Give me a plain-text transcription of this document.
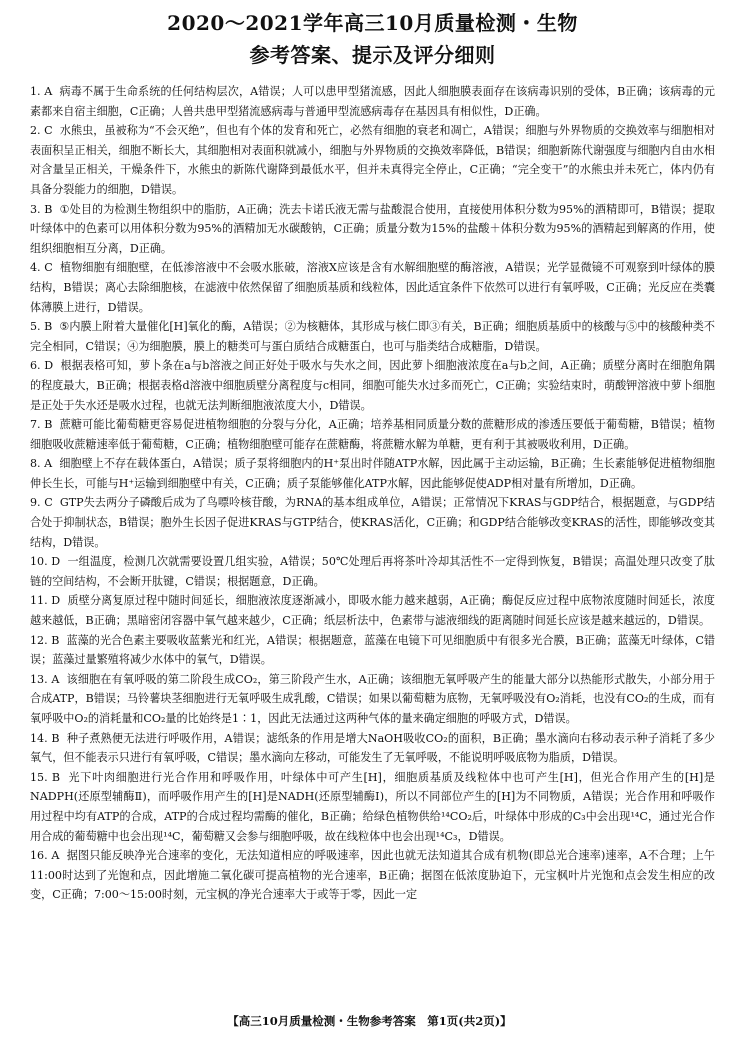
2020～2021学年高三10月质量检测・生物
参考答案、提示及评分细则

1. A 病毒不属于生命系统的任何结构层次，A错误；人可以患甲型猪流感，因此人细胞膜表面存在该病毒识别的受体，B正确；该病毒的元素都来自宿主细胞，C正确；人兽共患甲型猪流感病毒与普通甲型流感病毒存在基因具有相似性，D正确。

2. C 水熊虫，虽被称为“不会灭绝”，但也有个体的发育和死亡，必然有细胞的衰老和凋亡，A错误；细胞与外界物质的交换效率与细胞相对表面积呈正相关，细胞不断长大，其细胞相对表面积就减小，细胞与外界物质的交换效率降低，B错误；细胞新陈代谢强度与细胞内自由水相对含量呈正相关，干燥条件下，水熊虫的新陈代谢降到最低水平，但并未真得完全停止，C正确；“完全变干”的水熊虫并未死亡，体内仍有具备分裂能力的细胞，D错误。

3. B ①处目的为检测生物组织中的脂肪，A正确；洗去卡诺氏液无需与盐酸混合使用，直接使用体积分数为95%的酒精即可，B错误；提取叶绿体中的色素可以用体积分数为95%的酒精加无水碳酸钠，C正确；质量分数为15%的盐酸＋体积分数为95%的酒精起到解离的作用，使组织细胞相互分离，D正确。

4. C 植物细胞有细胞壁，在低渗溶液中不会吸水胀破，溶液X应该是含有水解细胞壁的酶溶液，A错误；光学显微镜不可观察到叶绿体的膜结构，B错误；离心去除细胞核，在滤液中依然保留了细胞质基质和线粒体，因此适宜条件下依然可以进行有氧呼吸，C正确；光反应在类囊体薄膜上进行，D错误。

5. B ⑤内膜上附着大量催化[H]氧化的酶，A错误；②为核糖体，其形成与核仁即③有关，B正确；细胞质基质中的核酸与⑤中的核酸种类不完全相同，C错误；④为细胞膜，膜上的糖类可与蛋白质结合成糖蛋白，也可与脂类结合成糖脂，D错误。

6. D 根据表格可知，萝卜条在a与b溶液之间正好处于吸水与失水之间，因此萝卜细胞液浓度在a与b之间，A正确；质壁分离时在细胞角隅的程度最大，B正确；根据表格d溶液中细胞质壁分离程度与c相同，细胞可能失水过多而死亡，C正确；实验结束时，萌酸钾溶液中萝卜细胞是正处于失水还是吸水过程，也就无法判断细胞液浓度大小，D错误。

7. B 蔗糖可能比葡萄糖更容易促进植物细胞的分裂与分化，A正确；培养基相同质量分数的蔗糖形成的渗透压要低于葡萄糖，B错误；植物细胞吸收蔗糖速率低于葡萄糖，C正确；植物细胞壁可能存在蔗糖酶，将蔗糖水解为单糖，更有利于其被吸收利用，D正确。

8. A 细胞壁上不存在载体蛋白，A错误；质子泵将细胞内的H⁺泵出时伴随ATP水解，因此属于主动运输，B正确；生长素能够促进植物细胞伸长生长，可能与H⁺运输到细胞壁中有关，C正确；质子泵能够催化ATP水解，因此能够促使ADP相对量有所增加，D正确。

9. C GTP失去两分子磷酸后成为了鸟嘌呤核苷酸，为RNA的基本组成单位，A错误；正常情况下KRAS与GDP结合，根据题意，与GDP结合处于抑制状态，B错误；胞外生长因子促进KRAS与GTP结合，使KRAS活化，C正确；和GDP结合能够改变KRAS的活性，即能够改变其结构，D错误。

10. D 一组温度，检测几次就需要设置几组实验，A错误；50℃处理后再将茶叶冷却其活性不一定得到恢复，B错误；高温处理只改变了肽链的空间结构，不会断开肽键，C错误；根据题意，D正确。

11. D 质壁分离复原过程中随时间延长，细胞液浓度逐渐减小，即吸水能力越来越弱，A正确；酶促反应过程中底物浓度随时间延长，浓度越来越低，B正确；黑暗密闭容器中氧气越来越少，C正确；纸层析法中，色素带与滤液细线的距离随时间延长应该是越来越远的，D错误。

12. B 蓝藻的光合色素主要吸收蓝紫光和红光，A错误；根据题意，蓝藻在电镜下可见细胞质中有很多光合膜，B正确；蓝藻无叶绿体，C错误；蓝藻过量繁殖将减少水体中的氧气，D错误。

13. A 该细胞在有氧呼吸的第二阶段生成CO₂，第三阶段产生水，A正确；该细胞无氧呼吸产生的能量大部分以热能形式散失，小部分用于合成ATP，B错误；马铃薯块茎细胞进行无氧呼吸生成乳酸，C错误；如果以葡萄糖为底物，无氧呼吸没有O₂消耗，也没有CO₂的生成，而有氧呼吸中O₂的消耗量和CO₂量的比始终是1∶1，因此无法通过这两种气体的量来确定细胞的呼吸方式，D错误。

14. B 种子煮熟便无法进行呼吸作用，A错误；滤纸条的作用是增大NaOH吸收CO₂的面积，B正确；墨水滴向右移动表示种子消耗了多少氧气，但不能表示只进行有氧呼吸，C错误；墨水滴向左移动，可能发生了无氧呼吸，不能说明呼吸底物为脂质，D错误。

15. B 光下叶肉细胞进行光合作用和呼吸作用，叶绿体中可产生[H]，细胞质基质及线粒体中也可产生[H]，但光合作用产生的[H]是NADPH(还原型辅酶Ⅱ)，而呼吸作用产生的[H]是NADH(还原型辅酶Ⅰ)，所以不同部位产生的[H]为不同物质，A错误；光合作用和呼吸作用过程中均有ATP的合成，ATP的合成过程均需酶的催化，B正确；给绿色植物供给¹⁴CO₂后，叶绿体中形成的C₃中会出现¹⁴C，通过光合作用合成的葡萄糖中也会出现¹⁴C，葡萄糖又会参与细胞呼吸，故在线粒体中也会出现¹⁴C₃，D错误。

16. A 据图只能反映净光合速率的变化，无法知道相应的呼吸速率，因此也就无法知道其合成有机物(即总光合速率)速率，A不合理；上午11:00时达到了光饱和点，因此增施二氧化碳可提高植物的光合速率，B正确；据图在低浓度胁迫下，元宝枫叶片光饱和点会发生相应的改变，C正确；7:00～15:00时刻，元宝枫的净光合速率大于或等于零，因此一定

【高三10月质量检测・生物参考答案　第1页(共2页)】
